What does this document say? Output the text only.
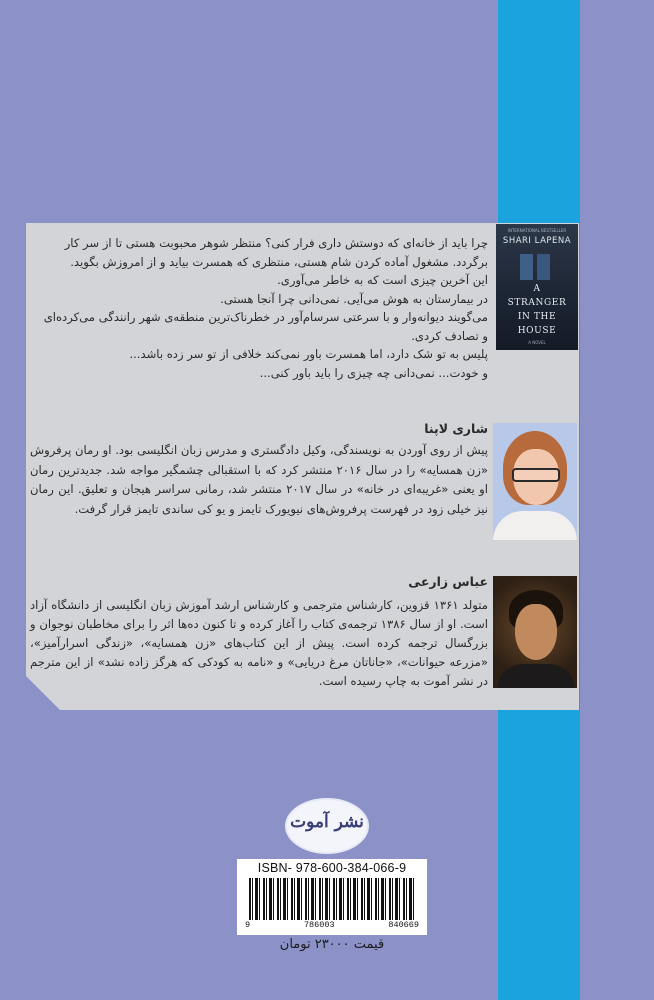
INTERNATIONAL BESTSELLER
SHARI LAPENA
A
STRANGER
IN THE
HOUSE
A NOVEL

چرا باید از خانه‌ای که دوستش داری فرار کنی؟ منتظر شوهر محبوبت هستی تا از سر کار

برگردد. مشغول آماده کردن شام هستی، منتظری که همسرت بیاید و از امروزش بگوید.

این آخرین چیزی است که به خاطر می‌آوری.

در بیمارستان به هوش می‌آیی. نمی‌دانی چرا آنجا هستی.

می‌گویند دیوانه‌وار و با سرعتی سرسام‌آور در خطرناک‌ترین منطقه‌ی شهر رانندگی می‌کرده‌ای

و تصادف کردی.

پلیس به تو شک دارد، اما همسرت باور نمی‌کند خلافی از تو سر زده باشد...

و خودت... نمی‌دانی چه چیزی را باید باور کنی...

شاری لاپنا
پیش از روی آوردن به نویسندگی، وکیل دادگستری و مدرس زبان انگلیسی بود. او رمان پرفروش «زن همسایه» را در سال ۲۰۱۶ منتشر کرد که با استقبالی چشمگیر مواجه شد. جدیدترین رمان او یعنی «غریبه‌ای در خانه» در سال ۲۰۱۷ منتشر شد، رمانی سراسر هیجان و تعلیق. این رمان نیز خیلی زود در فهرست پرفروش‌های نیویورک تایمز و یو کی ساندی تایمز قرار گرفت.
عباس زارعی
متولد ۱۳۶۱ قزوین، کارشناس مترجمی و کارشناس ارشد آموزش زبان انگلیسی از دانشگاه آزاد است. او از سال ۱۳۸۶ ترجمه‌ی کتاب را آغاز کرده و تا کنون ده‌ها اثر را برای مخاطبان نوجوان و بزرگسال ترجمه کرده است. پیش از این کتاب‌های «زن همسایه»، «زندگی اسرارآمیز»، «مزرعه حیوانات»، «جاناتان مرغ دریایی» و «نامه به کودکی که هرگز زاده نشد» از این مترجم در نشر آموت به چاپ رسیده است.
نشر آموت
ISBN- 978-600-384-066-9
9	786003	840669
قیمت ۲۳۰۰۰ تومان
